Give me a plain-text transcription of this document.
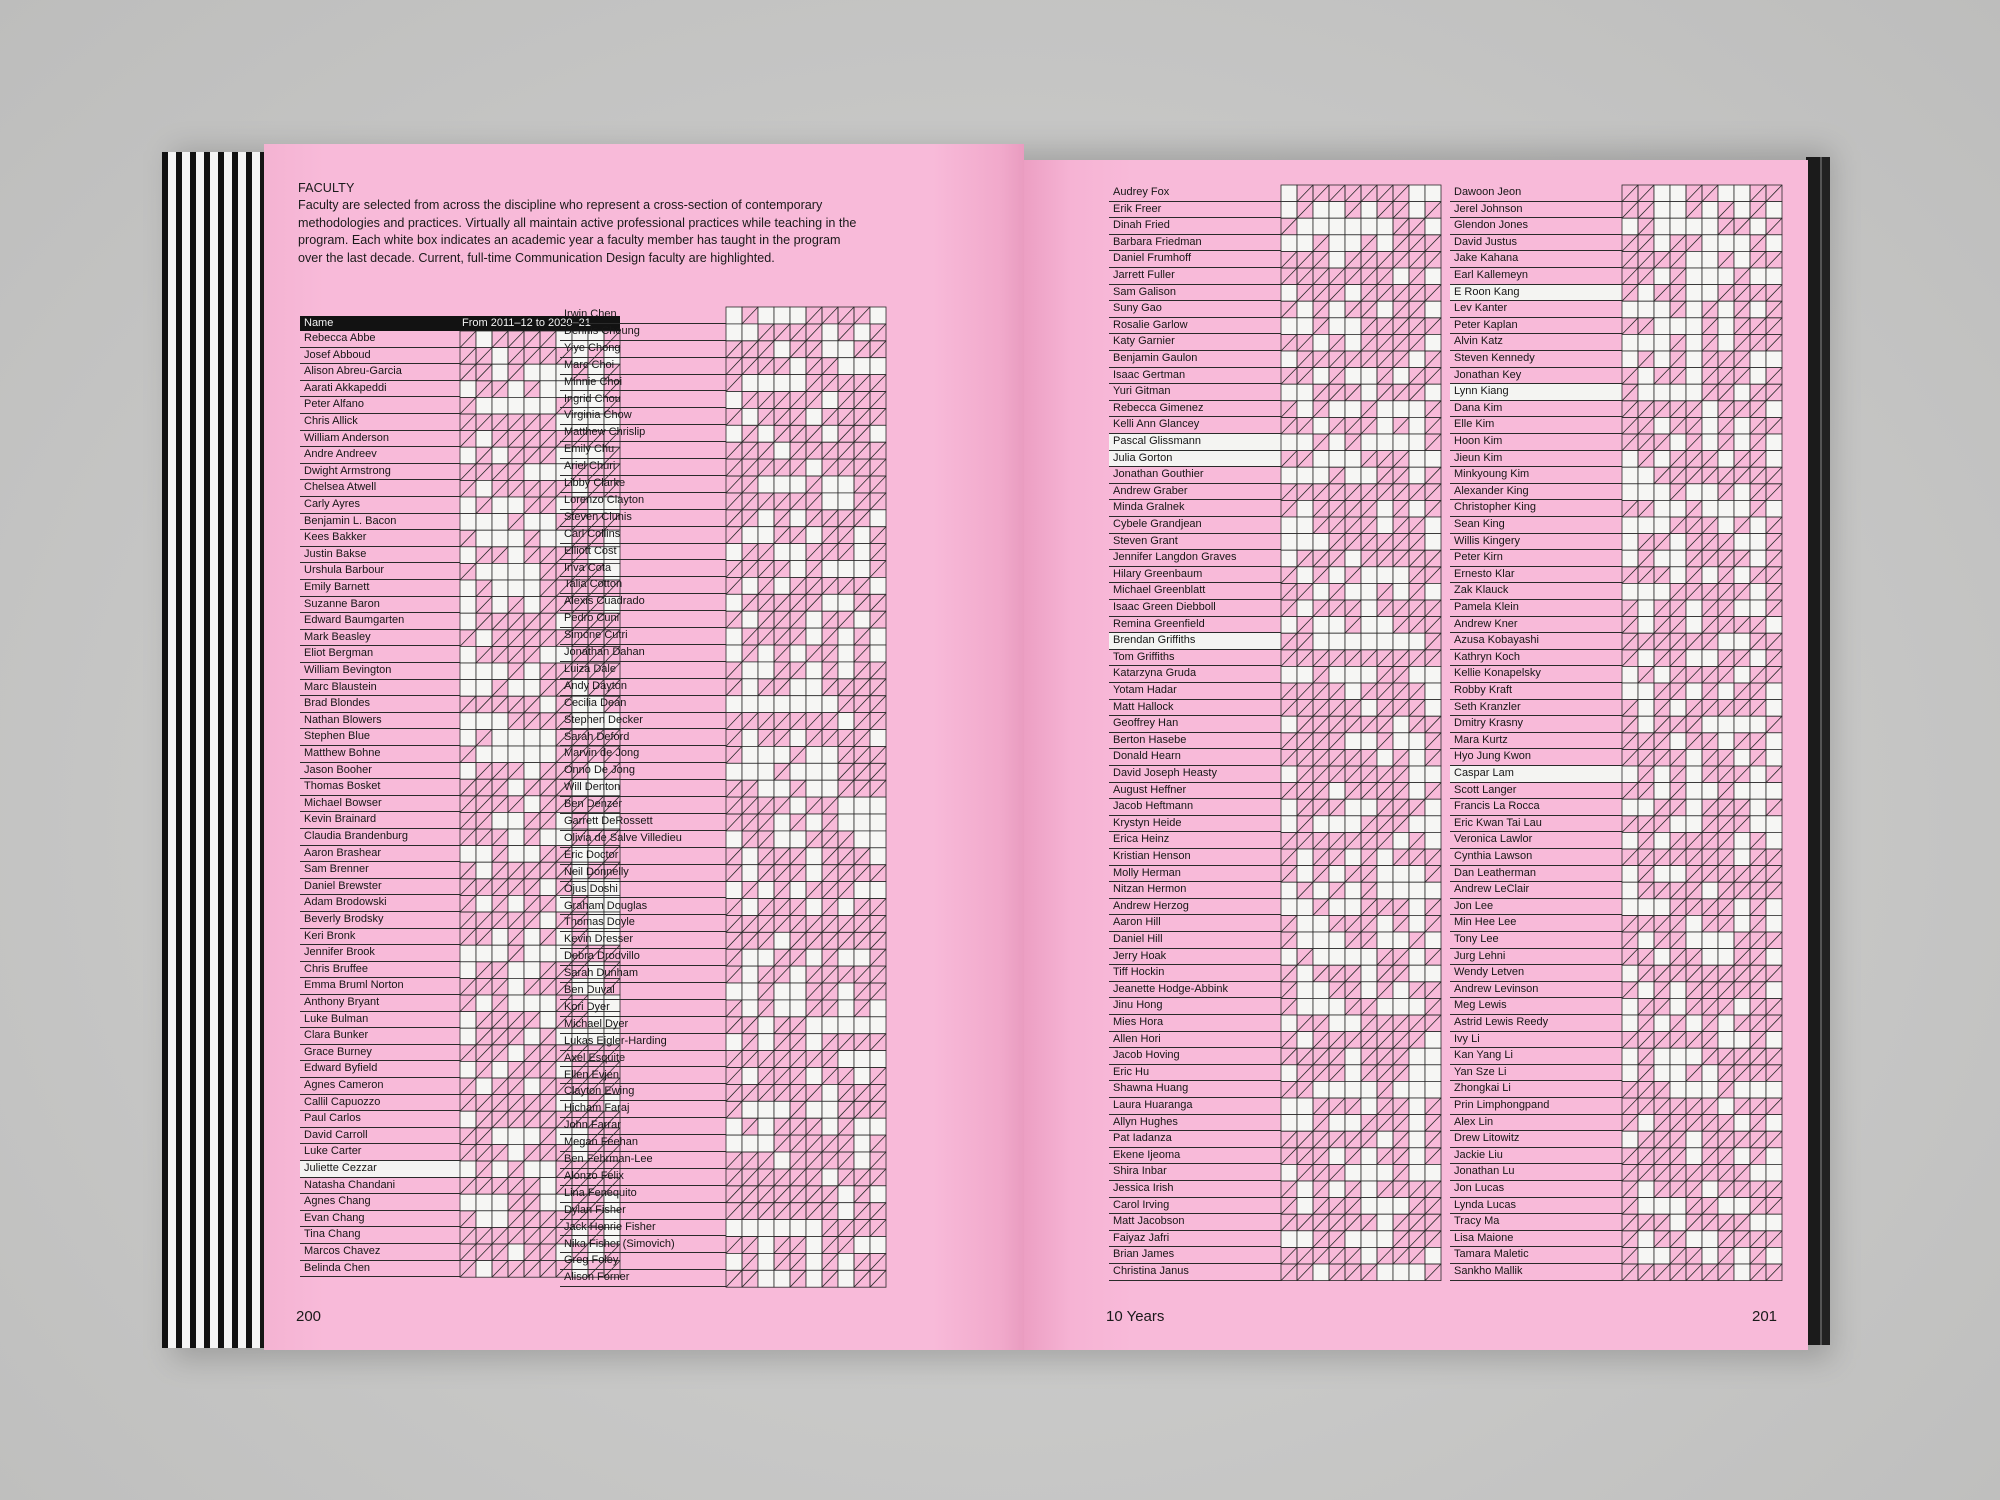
FACULTY
Faculty are selected from across the discipline who represent a cross-section of contemporary methodologies and practices. Virtually all maintain active professional practices while teaching in the program. Each white box indicates an academic year a faculty member has taught in the program over the last decade. Current, full-time Communication Design faculty are highlighted.
Name	From 2011–12 to 2020–21
Rebecca Abbe
Josef Abboud
Alison Abreu-Garcia
Aarati Akkapeddi
Peter Alfano
Chris Allick
William Anderson
Andre Andreev
Dwight Armstrong
Chelsea Atwell
Carly Ayres
Benjamin L. Bacon
Kees Bakker
Justin Bakse
Urshula Barbour
Emily Barnett
Suzanne Baron
Edward Baumgarten
Mark Beasley
Eliot Bergman
William Bevington
Marc Blaustein
Brad Blondes
Nathan Blowers
Stephen Blue
Matthew Bohne
Jason Booher
Thomas Bosket
Michael Bowser
Kevin Brainard
Claudia Brandenburg
Aaron Brashear
Sam Brenner
Daniel Brewster
Adam Brodowski
Beverly Brodsky
Keri Bronk
Jennifer Brook
Chris Bruffee
Emma Bruml Norton
Anthony Bryant
Luke Bulman
Clara Bunker
Grace Burney
Edward Byfield
Agnes Cameron
Callil Capuozzo
Paul Carlos
David Carroll
Luke Carter
Juliette Cezzar
Natasha Chandani
Agnes Chang
Evan Chang
Tina Chang
Marcos Chavez
Belinda Chen
Irwin Chen
Dennis Cheung
Yiye Chong
Marc Choi
Minnie Choi
Ingrid Chou
Virginia Chow
Matthew Chrislip
Emily Chu
Ariel Churi
Libby Clarke
Lorenzo Clayton
Steven Clunis
Carl Collins
Elliott Cost
Inva Cota
Talia Cotton
Alexis Cuadrado
Pedro Cuni
Simone Cutri
Jonathan Dahan
Luiza Dale
Andy Dayton
Cecilia Dean
Stephen Decker
Sarah Deford
Marvin de Jong
Onno De Jong
Will Denton
Ben Denzer
Garrett DeRossett
Olivia de Salve Villedieu
Eric Doctor
Neil Donnelly
Ojus Doshi
Graham Douglas
Thomas Doyle
Kevin Dresser
Debra Drodvillo
Sarah Dunham
Ben Duval
Kori Dyer
Michael Dyer
Lukas Eigler-Harding
Axel Esquite
Ellen Evjen
Clayton Ewing
Hicham Faraj
John Farrar
Megan Feehan
Ben Fehrman-Lee
Alonzo Felix
Lina Fenequito
Dylan Fisher
Jack Henrie Fisher
Nika Fisher (Simovich)
Greg Foley
Alison Forner
200
Audrey Fox
Erik Freer
Dinah Fried
Barbara Friedman
Daniel Frumhoff
Jarrett Fuller
Sam Galison
Suny Gao
Rosalie Garlow
Katy Garnier
Benjamin Gaulon
Isaac Gertman
Yuri Gitman
Rebecca Gimenez
Kelli Ann Glancey
Pascal Glissmann
Julia Gorton
Jonathan Gouthier
Andrew Graber
Minda Gralnek
Cybele Grandjean
Steven Grant
Jennifer Langdon Graves
Hilary Greenbaum
Michael Greenblatt
Isaac Green Diebboll
Remina Greenfield
Brendan Griffiths
Tom Griffiths
Katarzyna Gruda
Yotam Hadar
Matt Hallock
Geoffrey Han
Berton Hasebe
Donald Hearn
David Joseph Heasty
August Heffner
Jacob Heftmann
Krystyn Heide
Erica Heinz
Kristian Henson
Molly Herman
Nitzan Hermon
Andrew Herzog
Aaron Hill
Daniel Hill
Jerry Hoak
Tiff Hockin
Jeanette Hodge-Abbink
Jinu Hong
Mies Hora
Allen Hori
Jacob Hoving
Eric Hu
Shawna Huang
Laura Huaranga
Allyn Hughes
Pat Iadanza
Ekene Ijeoma
Shira Inbar
Jessica Irish
Carol Irving
Matt Jacobson
Faiyaz Jafri
Brian James
Christina Janus
Dawoon Jeon
Jerel Johnson
Glendon Jones
David Justus
Jake Kahana
Earl Kallemeyn
E Roon Kang
Lev Kanter
Peter Kaplan
Alvin Katz
Steven Kennedy
Jonathan Key
Lynn Kiang
Dana Kim
Elle Kim
Hoon Kim
Jieun Kim
Minkyoung Kim
Alexander King
Christopher King
Sean King
Willis Kingery
Peter Kirn
Ernesto Klar
Zak Klauck
Pamela Klein
Andrew Kner
Azusa Kobayashi
Kathryn Koch
Kellie Konapelsky
Robby Kraft
Seth Kranzler
Dmitry Krasny
Mara Kurtz
Hyo Jung Kwon
Caspar Lam
Scott Langer
Francis La Rocca
Eric Kwan Tai Lau
Veronica Lawlor
Cynthia Lawson
Dan Leatherman
Andrew LeClair
Jon Lee
Min Hee Lee
Tony Lee
Jurg Lehni
Wendy Letven
Andrew Levinson
Meg Lewis
Astrid Lewis Reedy
Ivy Li
Kan Yang Li
Yan Sze Li
Zhongkai Li
Prin Limphongpand
Alex Lin
Drew Litowitz
Jackie Liu
Jonathan Lu
Jon Lucas
Lynda Lucas
Tracy Ma
Lisa Maione
Tamara Maletic
Sankho Mallik
10 Years	201
